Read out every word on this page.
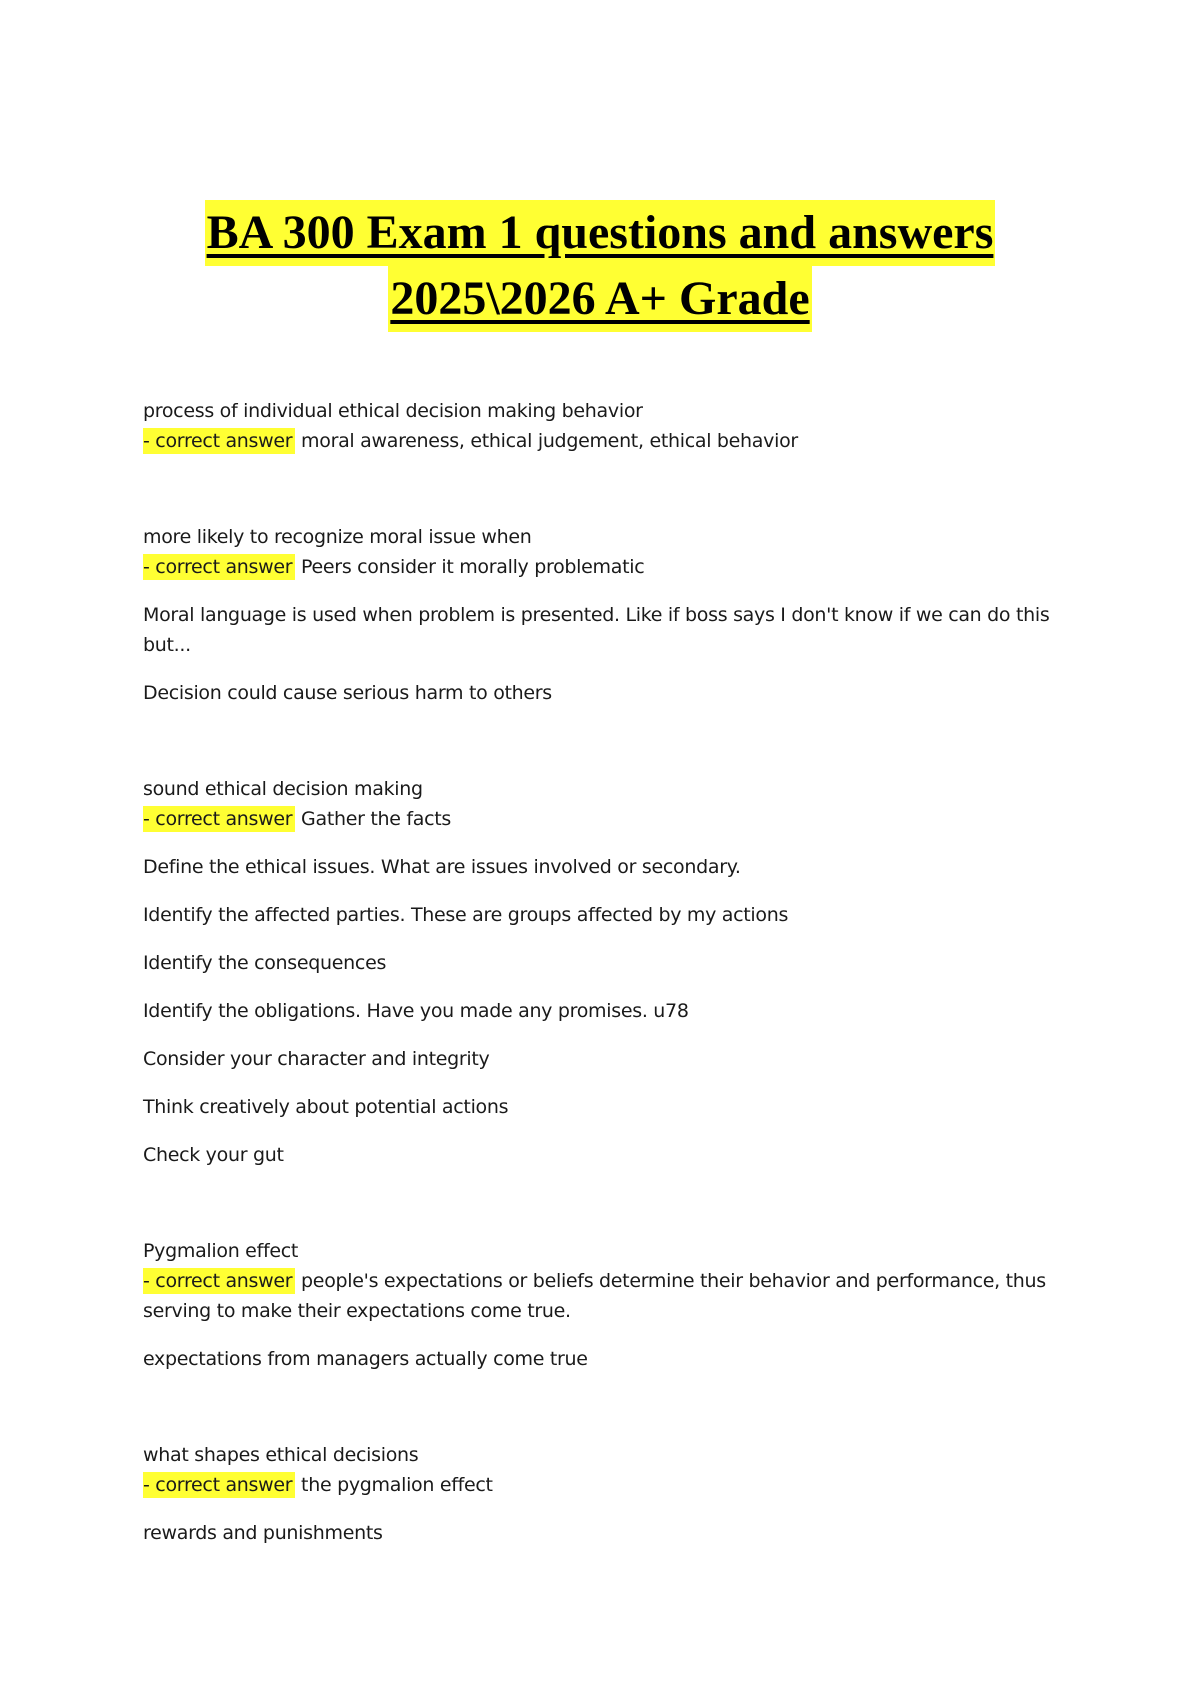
BA 300 Exam 1 questions and answers
2025\2026 A+ Grade

process of individual ethical decision making behavior

- correct answer moral awareness, ethical judgement, ethical behavior

more likely to recognize moral issue when

- correct answer Peers consider it morally problematic

Moral language is used when problem is presented. Like if boss says I don't know if we can do this but...

Decision could cause serious harm to others

sound ethical decision making

- correct answer Gather the facts

Define the ethical issues. What are issues involved or secondary.

Identify the affected parties. These are groups affected by my actions

Identify the consequences

Identify the obligations. Have you made any promises. u78

Consider your character and integrity

Think creatively about potential actions

Check your gut

Pygmalion effect

- correct answer people's expectations or beliefs determine their behavior and performance, thus serving to make their expectations come true.

expectations from managers actually come true

what shapes ethical decisions

- correct answer the pygmalion effect

rewards and punishments
